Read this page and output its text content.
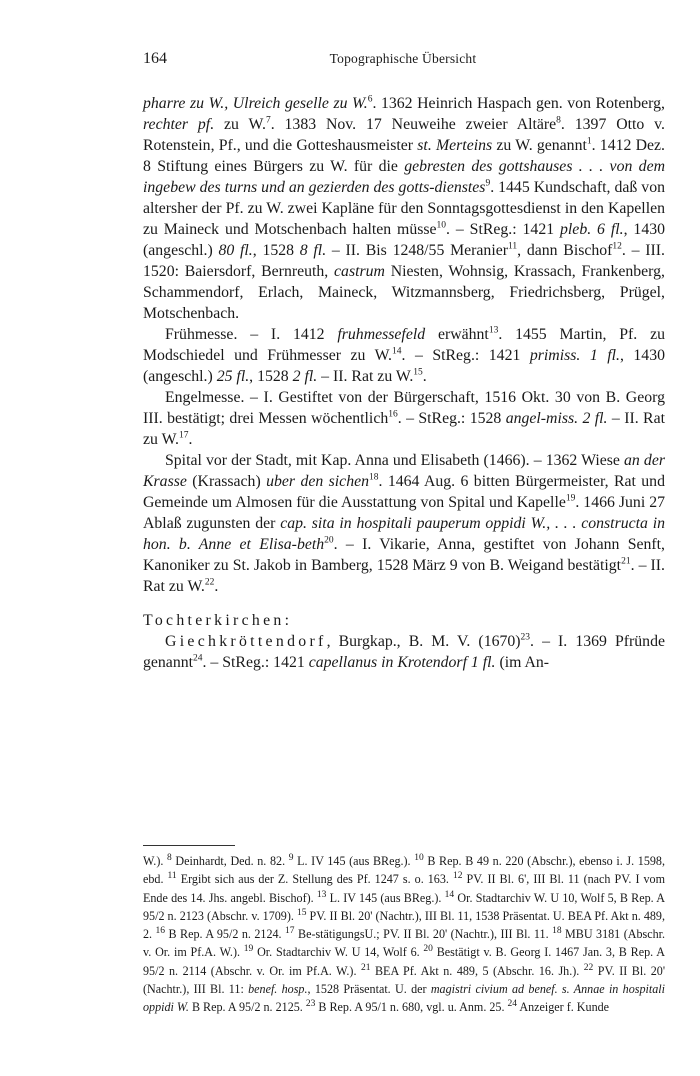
164	Topographische Übersicht

pharre zu W., Ulreich geselle zu W.$^6$. 1362 Heinrich Haspach gen. von Rotenberg, rechter pf. zu W.$^7$. 1383 Nov. 17 Neuweihe zweier Altäre$^8$. 1397 Otto v. Rotenstein, Pf., und die Gotteshausmeister st. Merteins zu W. genannt$^1$. 1412 Dez. 8 Stiftung eines Bürgers zu W. für die gebresten des gottshauses . . . von dem ingebew des turns und an gezierden des gotts-dienstes$^9$. 1445 Kundschaft, daß von altersher der Pf. zu W. zwei Kapläne für den Sonntagsgottesdienst in den Kapellen zu Maineck und Motschenbach halten müsse$^{10}$. – StReg.: 1421 pleb. 6 fl., 1430 (angeschl.) 80 fl., 1528 8 fl. – II. Bis 1248/55 Meranier$^{11}$, dann Bischof$^{12}$. – III. 1520: Baiersdorf, Bernreuth, castrum Niesten, Wohnsig, Krassach, Frankenberg, Schammendorf, Erlach, Maineck, Witzmannsberg, Friedrichsberg, Prügel, Motschenbach.

Frühmesse. – I. 1412 fruhmessefeld erwähnt$^{13}$. 1455 Martin, Pf. zu Modschiedel und Frühmesser zu W.$^{14}$. – StReg.: 1421 primiss. 1 fl., 1430 (angeschl.) 25 fl., 1528 2 fl. – II. Rat zu W.$^{15}$.

Engelmesse. – I. Gestiftet von der Bürgerschaft, 1516 Okt. 30 von B. Georg III. bestätigt; drei Messen wöchentlich$^{16}$. – StReg.: 1528 angel-miss. 2 fl. – II. Rat zu W.$^{17}$.

Spital vor der Stadt, mit Kap. Anna und Elisabeth (1466). – 1362 Wiese an der Krasse (Krassach) uber den sichen$^{18}$. 1464 Aug. 6 bitten Bürgermeister, Rat und Gemeinde um Almosen für die Ausstattung von Spital und Kapelle$^{19}$. 1466 Juni 27 Ablaß zugunsten der cap. sita in hospitali pauperum oppidi W., . . . constructa in hon. b. Anne et Elisa-beth$^{20}$. – I. Vikarie, Anna, gestiftet von Johann Senft, Kanoniker zu St. Jakob in Bamberg, 1528 März 9 von B. Weigand bestätigt$^{21}$. – II. Rat zu W.$^{22}$.

Tochterkirchen:

Giechkröttendorf, Burgkap., B. M. V. $(1670)^{23}$. – I. 1369 Pfründe genannt$^{24}$. – StReg.: 1421 capellanus in Krotendorf 1 fl. (im An-

W.). $^8$ Deinhardt, Ded. n. 82. $^9$ L. IV 145 (aus BReg.). $^{10}$ B Rep. B 49 n. 220 (Abschr.), ebenso i. J. 1598, ebd. $^{11}$ Ergibt sich aus der Z. Stellung des Pf. 1247 s. o. 163. $^{12}$ PV. II Bl. 6', III Bl. 11 (nach PV. I vom Ende des 14. Jhs. angebl. Bischof). $^{13}$ L. IV 145 (aus BReg.). $^{14}$ Or. Stadtarchiv W. U 10, Wolf 5, B Rep. A 95/2 n. 2123 (Abschr. v. 1709). $^{15}$ PV. II Bl. 20' (Nachtr.), III Bl. 11, 1538 Präsentat. U. BEA Pf. Akt n. 489, 2. $^{16}$ B Rep. A 95/2 n. 2124. $^{17}$ Be-stätigungsU.; PV. II Bl. 20' (Nachtr.), III Bl. 11. $^{18}$ MBU 3181 (Abschr. v. Or. im Pf.A. W.). $^{19}$ Or. Stadtarchiv W. U 14, Wolf 6. $^{20}$ Bestätigt v. B. Georg I. 1467 Jan. 3, B Rep. A 95/2 n. 2114 (Abschr. v. Or. im Pf.A. W.). $^{21}$ BEA Pf. Akt n. 489, 5 (Abschr. 16. Jh.). $^{22}$ PV. II Bl. 20' (Nachtr.), III Bl. 11: benef. hosp., 1528 Präsentat. U. der magistri civium ad benef. s. Annae in hospitali oppidi W. B Rep. A 95/2 n. 2125. $^{23}$ B Rep. A 95/1 n. 680, vgl. u. Anm. 25. $^{24}$ Anzeiger f. Kunde
